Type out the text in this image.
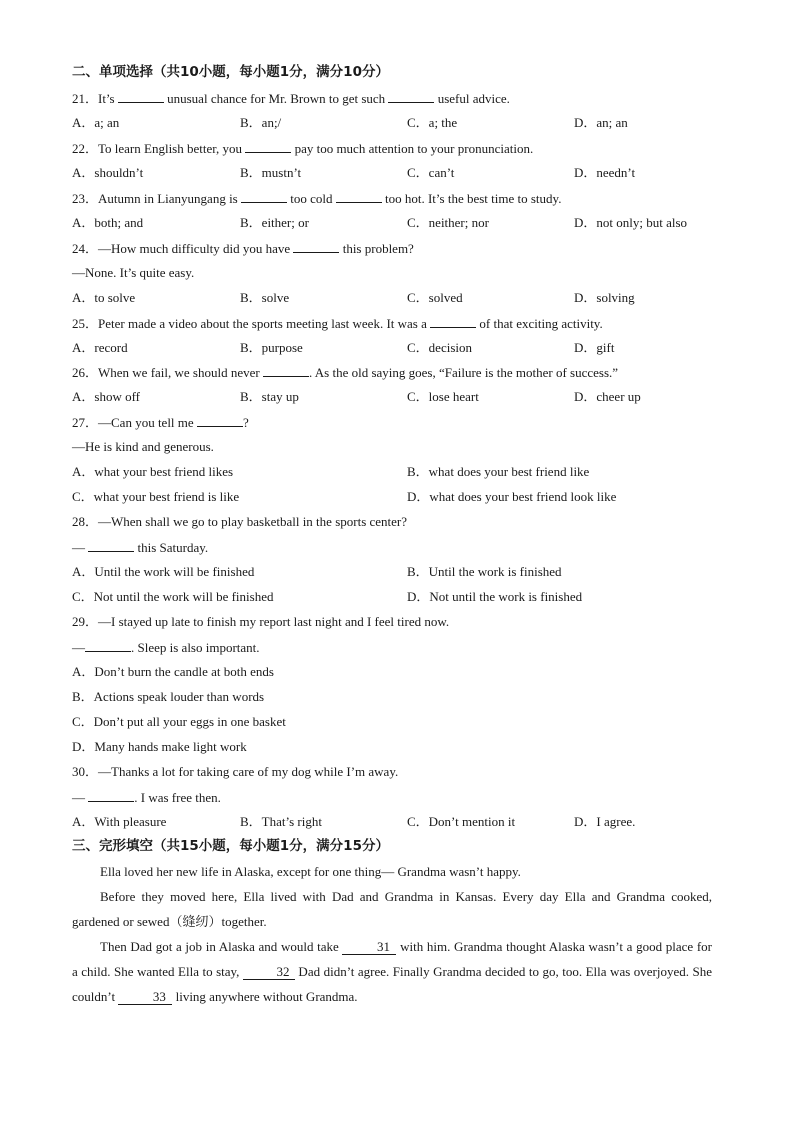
二、单项选择（共10小题，每小题1分，满分10分）
21．It’s	unusual chance for Mr. Brown to get such	useful advice.
A．a; an	B．an;/	C．a; the	D．an; an
22．To learn English better, you	pay too much attention to your pronunciation.
A．shouldn’t	B．mustn’t	C．can’t	D．needn’t
23．Autumn in Lianyungang is	too cold	too hot. It’s the best time to study.
A．both; and	B．either; or	C．neither; nor	D．not only; but also
24．—How much difficulty did you have	this problem?
—None. It’s quite easy.
A．to solve	B．solve	C．solved	D．solving
25．Peter made a video about the sports meeting last week. It was a	of that exciting activity.
A．record	B．purpose	C．decision	D．gift
26．When we fail, we should never	. As the old saying goes, “Failure is the mother of success.”
A．show off	B．stay up	C．lose heart	D．cheer up
27．—Can you tell me	?
—He is kind and generous.
A．what your best friend likes	B．what does your best friend like
C．what your best friend is like	D．what does your best friend look like
28．—When shall we go to play basketball in the sports center?
—	this Saturday.
A．Until the work will be finished	B．Until the work is finished
C．Not until the work will be finished	D．Not until the work is finished
29．—I stayed up late to finish my report last night and I feel tired now.
—	. Sleep is also important.
A．Don’t burn the candle at both ends
B．Actions speak louder than words
C．Don’t put all your eggs in one basket
D．Many hands make light work
30．—Thanks a lot for taking care of my dog while I’m away.
—	. I was free then.
A．With pleasure	B．That’s right	C．Don’t mention it	D．I agree.
三、完形填空（共15小题，每小题1分，满分15分）
Ella loved her new life in Alaska, except for one thing— Grandma wasn’t happy.
Before they moved here, Ella lived with Dad and Grandma in Kansas. Every day Ella and Grandma cooked, gardened or sewed（缝纫）together.
Then Dad got a job in Alaska and would take	31 with him. Grandma thought Alaska wasn’t a good place for a child. She wanted Ella to stay,	32 Dad didn’t agree. Finally Grandma decided to go, too. Ella was overjoyed. She couldn’t	33 living anywhere without Grandma.
